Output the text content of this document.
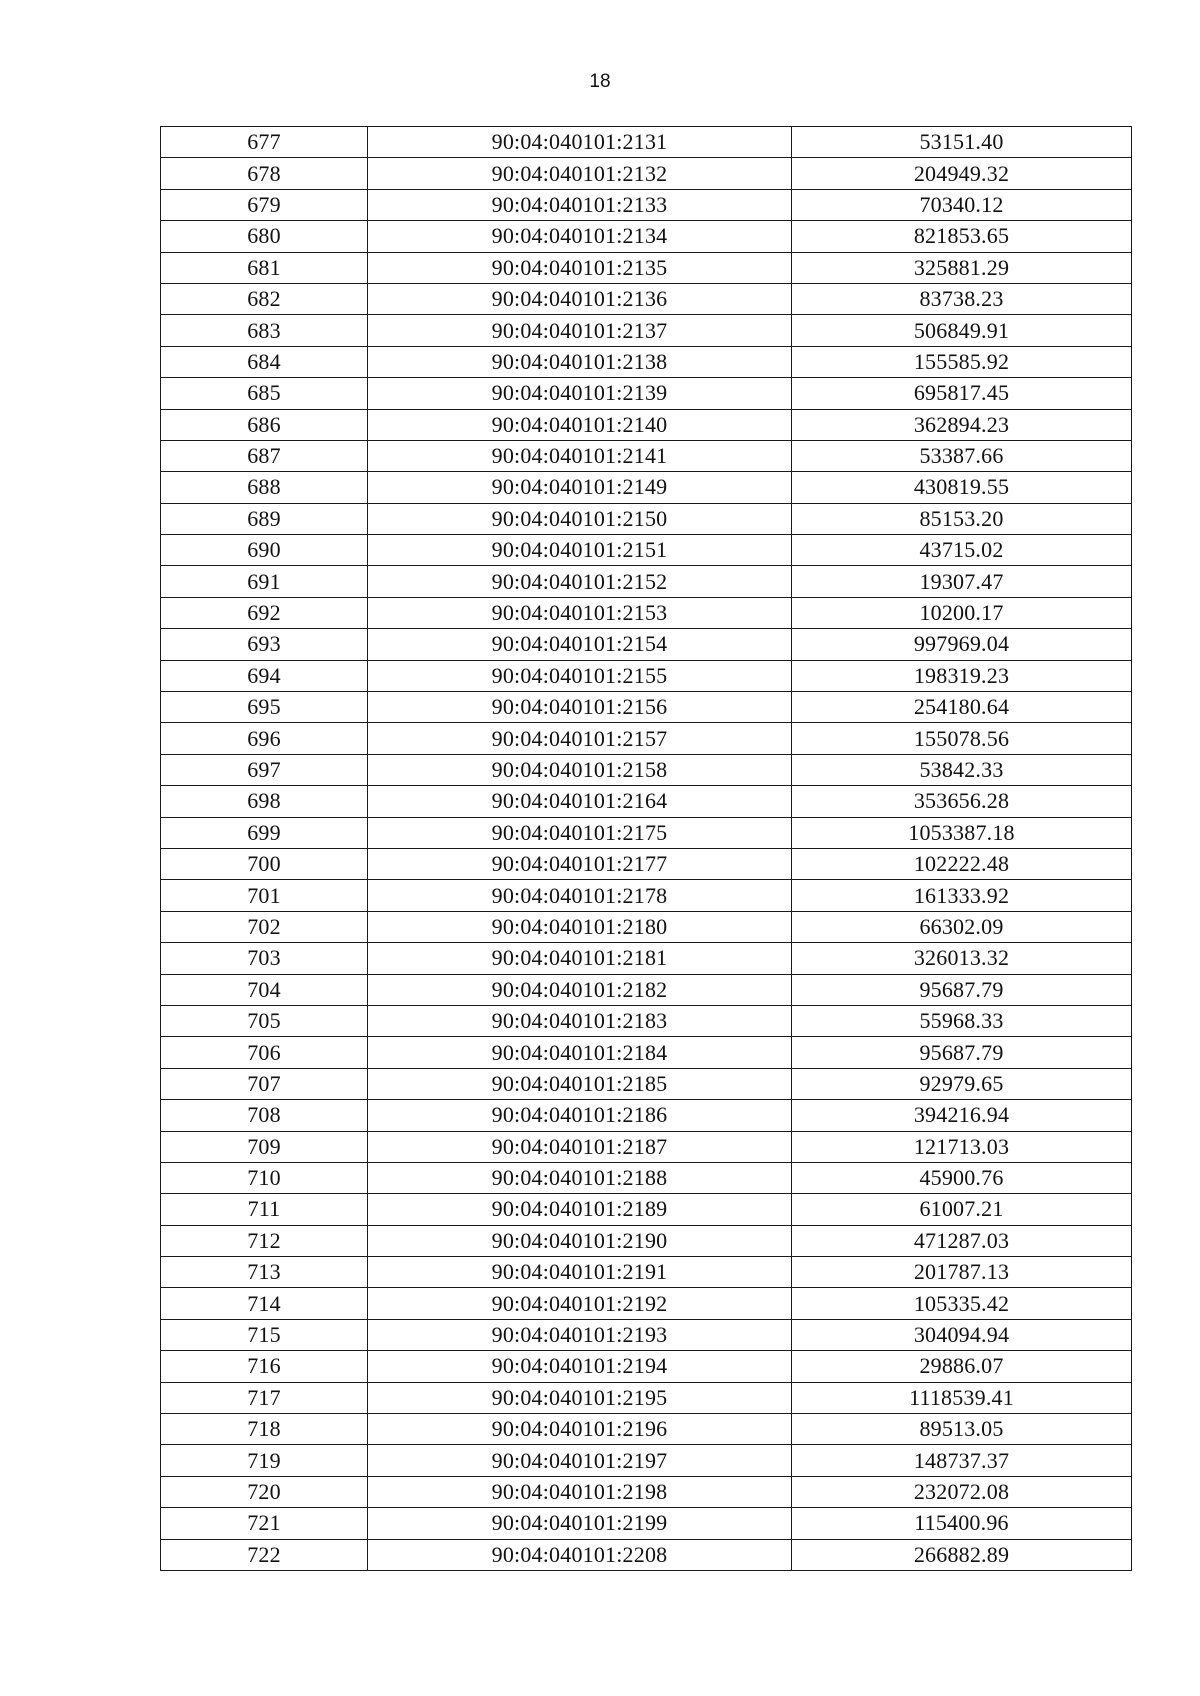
18
677	90:04:040101:2131	53151.40
678	90:04:040101:2132	204949.32
679	90:04:040101:2133	70340.12
680	90:04:040101:2134	821853.65
681	90:04:040101:2135	325881.29
682	90:04:040101:2136	83738.23
683	90:04:040101:2137	506849.91
684	90:04:040101:2138	155585.92
685	90:04:040101:2139	695817.45
686	90:04:040101:2140	362894.23
687	90:04:040101:2141	53387.66
688	90:04:040101:2149	430819.55
689	90:04:040101:2150	85153.20
690	90:04:040101:2151	43715.02
691	90:04:040101:2152	19307.47
692	90:04:040101:2153	10200.17
693	90:04:040101:2154	997969.04
694	90:04:040101:2155	198319.23
695	90:04:040101:2156	254180.64
696	90:04:040101:2157	155078.56
697	90:04:040101:2158	53842.33
698	90:04:040101:2164	353656.28
699	90:04:040101:2175	1053387.18
700	90:04:040101:2177	102222.48
701	90:04:040101:2178	161333.92
702	90:04:040101:2180	66302.09
703	90:04:040101:2181	326013.32
704	90:04:040101:2182	95687.79
705	90:04:040101:2183	55968.33
706	90:04:040101:2184	95687.79
707	90:04:040101:2185	92979.65
708	90:04:040101:2186	394216.94
709	90:04:040101:2187	121713.03
710	90:04:040101:2188	45900.76
711	90:04:040101:2189	61007.21
712	90:04:040101:2190	471287.03
713	90:04:040101:2191	201787.13
714	90:04:040101:2192	105335.42
715	90:04:040101:2193	304094.94
716	90:04:040101:2194	29886.07
717	90:04:040101:2195	1118539.41
718	90:04:040101:2196	89513.05
719	90:04:040101:2197	148737.37
720	90:04:040101:2198	232072.08
721	90:04:040101:2199	115400.96
722	90:04:040101:2208	266882.89
